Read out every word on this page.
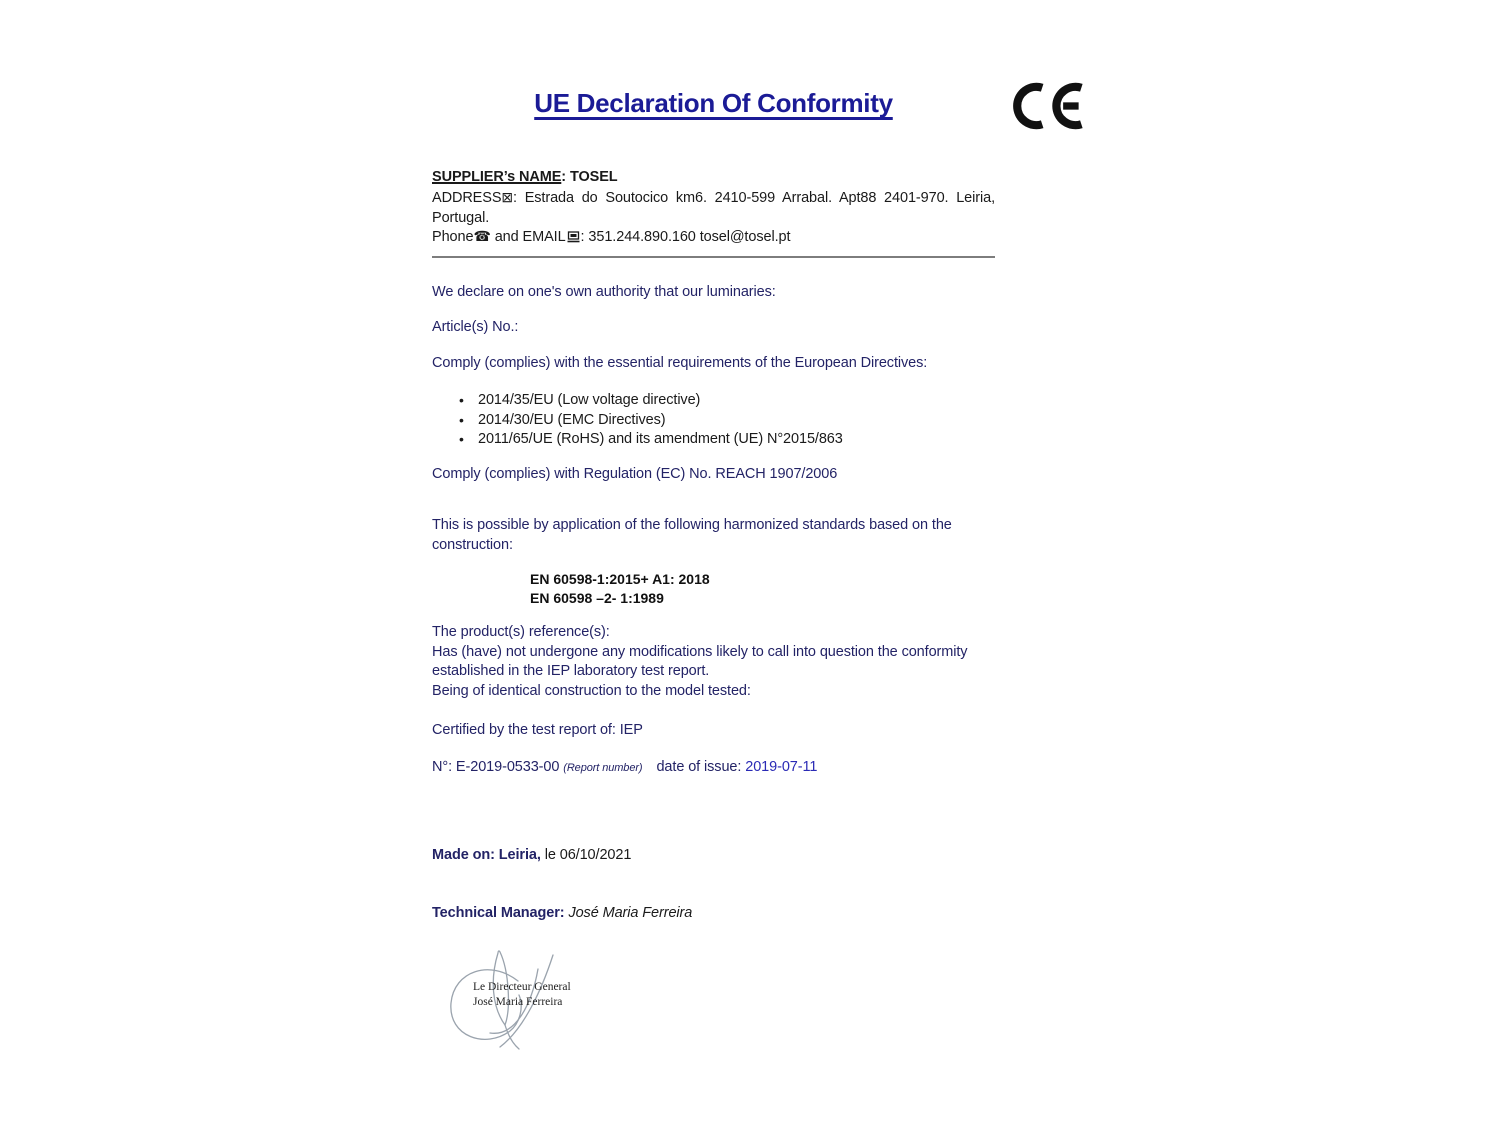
UE Declaration Of Conformity
SUPPLIER’s NAME: TOSEL
ADDRESS⊠: Estrada do Soutocico km6. 2410-599 Arrabal. Apt88 2401-970. Leiria, Portugal.
Phone☎ and EMAIL : 351.244.890.160 tosel@tosel.pt
We declare on one's own authority that our luminaries:
Article(s) No.:
Comply (complies) with the essential requirements of the European Directives:
• 2014/35/EU (Low voltage directive)
• 2014/30/EU (EMC Directives)
• 2011/65/UE (RoHS) and its amendment (UE) N°2015/863
Comply (complies) with Regulation (EC) No. REACH 1907/2006
This is possible by application of the following harmonized standards based on the construction:
EN 60598-1:2015+ A1: 2018
EN 60598 –2- 1:1989

The product(s) reference(s):

Has (have) not undergone any modifications likely to call into question the conformity established in the IEP laboratory test report.

Being of identical construction to the model tested:

Certified by the test report of: IEP
N°: E-2019-0533-00 (Report number) date of issue: 2019-07-11
Made on: Leiria, le 06/10/2021
Technical Manager: José Maria Ferreira
Le Directeur General
José Maria Ferreira
